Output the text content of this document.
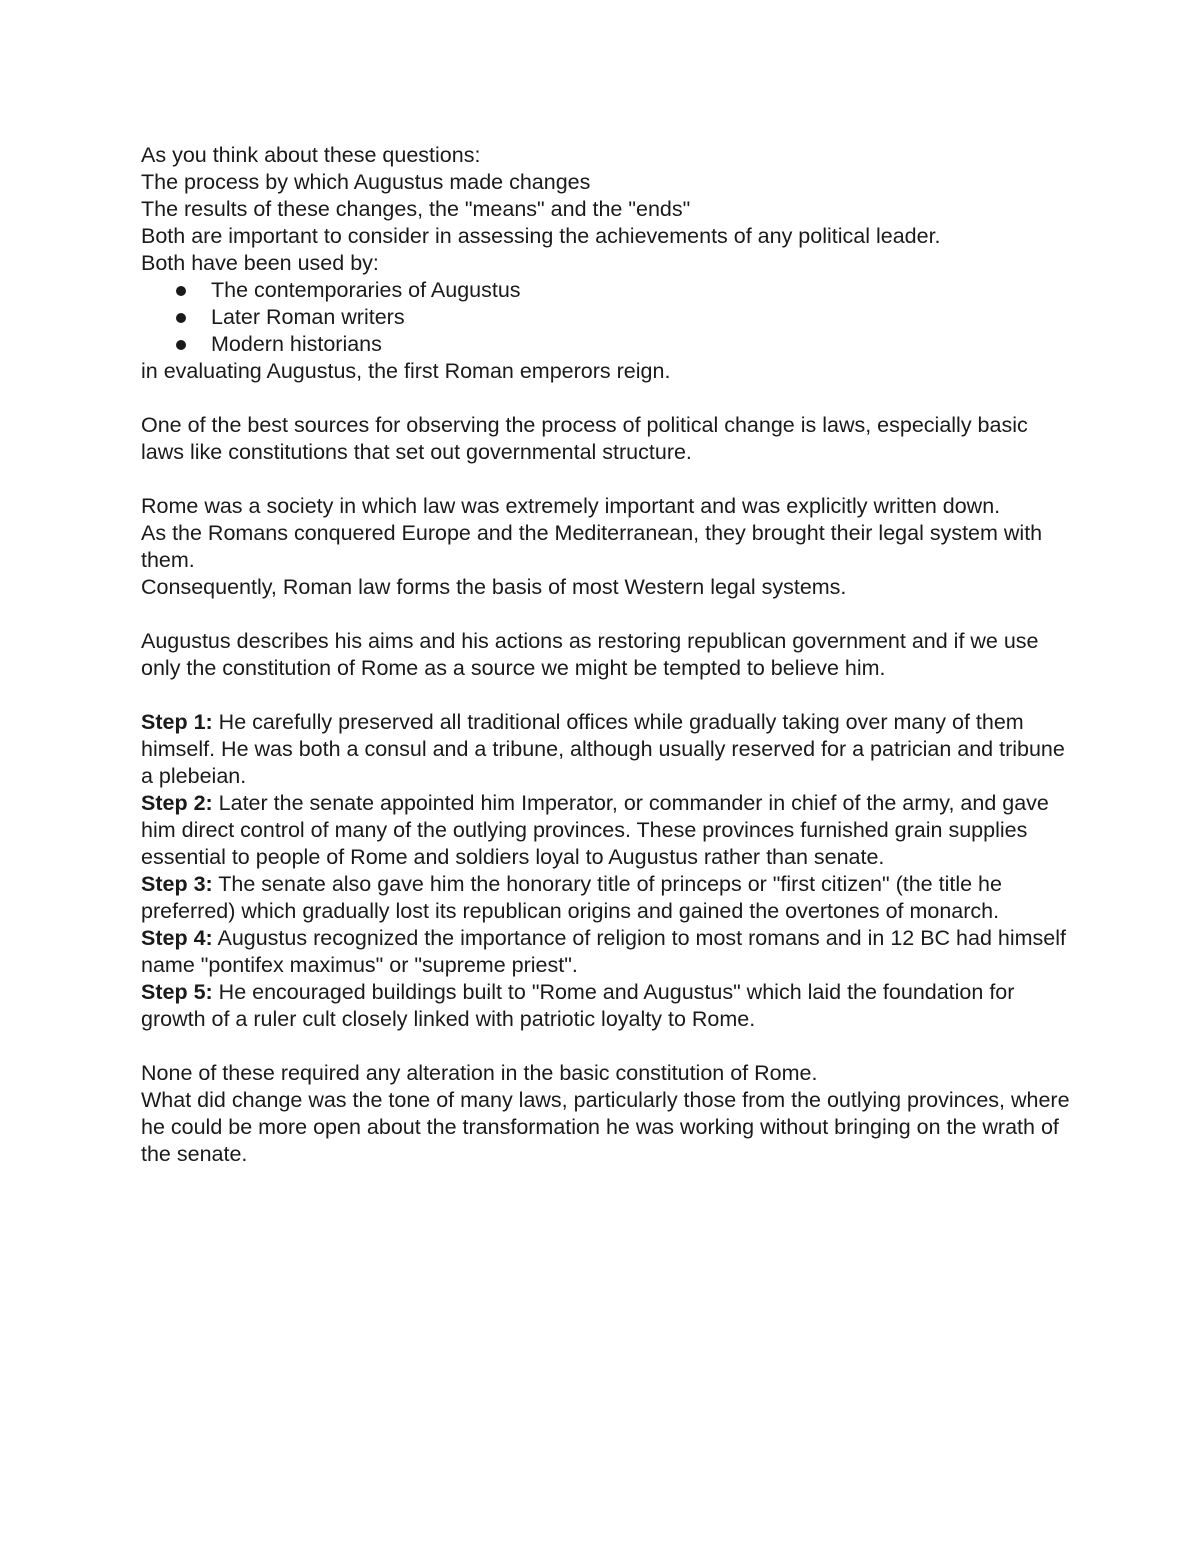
As you think about these questions:

The process by which Augustus made changes

The results of these changes, the "means" and the "ends"

Both are important to consider in assessing the achievements of any political leader.

Both have been used by:

The contemporaries of Augustus
Later Roman writers
Modern historians

in evaluating Augustus, the first Roman emperors reign.

One of the best sources for observing the process of political change is laws, especially basic laws like constitutions that set out governmental structure.

Rome was a society in which law was extremely important and was explicitly written down.

As the Romans conquered Europe and the Mediterranean, they brought their legal system with them.

Consequently, Roman law forms the basis of most Western legal systems.

Augustus describes his aims and his actions as restoring republican government and if we use only the constitution of Rome as a source we might be tempted to believe him.

Step 1: He carefully preserved all traditional offices while gradually taking over many of them himself. He was both a consul and a tribune, although usually reserved for a patrician and tribune a plebeian.

Step 2: Later the senate appointed him Imperator, or commander in chief of the army, and gave him direct control of many of the outlying provinces. These provinces furnished grain supplies essential to people of Rome and soldiers loyal to Augustus rather than senate.

Step 3: The senate also gave him the honorary title of princeps or "first citizen" (the title he preferred) which gradually lost its republican origins and gained the overtones of monarch.

Step 4: Augustus recognized the importance of religion to most romans and in 12 BC had himself name "pontifex maximus" or "supreme priest".

Step 5: He encouraged buildings built to "Rome and Augustus" which laid the foundation for growth of a ruler cult closely linked with patriotic loyalty to Rome.

None of these required any alteration in the basic constitution of Rome.

What did change was the tone of many laws, particularly those from the outlying provinces, where he could be more open about the transformation he was working without bringing on the wrath of the senate.
